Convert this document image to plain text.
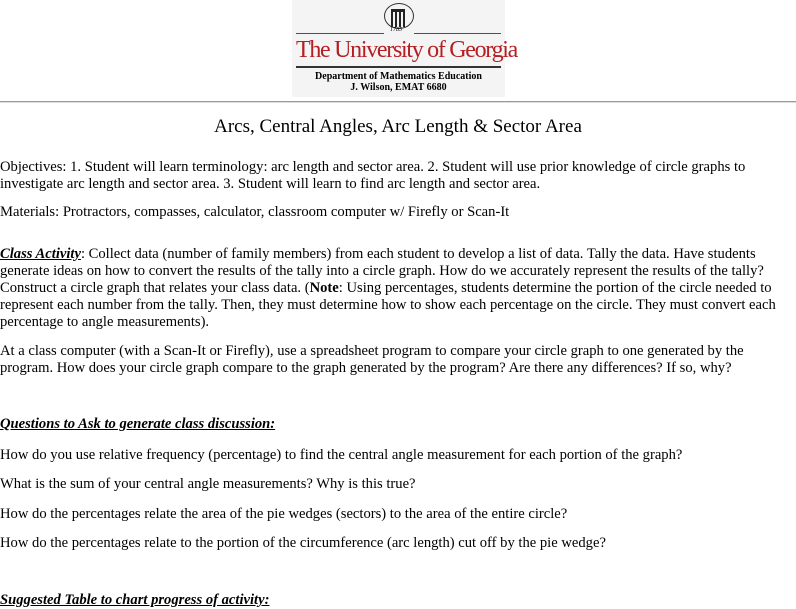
1785
The University of Georgia
Department of Mathematics Education
J. Wilson, EMAT 6680
Arcs, Central Angles, Arc Length & Sector Area

Objectives: 1. Student will learn terminology: arc length and sector area. 2. Student will use prior knowledge of circle graphs to investigate arc length and sector area. 3. Student will learn to find arc length and sector area.

Materials: Protractors, compasses, calculator, classroom computer w/ Firefly or Scan-It

Class Activity: Collect data (number of family members) from each student to develop a list of data. Tally the data. Have students generate ideas on how to convert the results of the tally into a circle graph. How do we accurately represent the results of the tally? Construct a circle graph that relates your class data. (Note: Using percentages, students determine the portion of the circle needed to represent each number from the tally. Then, they must determine how to show each percentage on the circle. They must convert each percentage to angle measurements).

At a class computer (with a Scan-It or Firefly), use a spreadsheet program to compare your circle graph to one generated by the program. How does your circle graph compare to the graph generated by the program? Are there any differences? If so, why?

Questions to Ask to generate class discussion:

How do you use relative frequency (percentage) to find the central angle measurement for each portion of the graph?

What is the sum of your central angle measurements? Why is this true?

How do the percentages relate the area of the pie wedges (sectors) to the area of the entire circle?

How do the percentages relate to the portion of the circumference (arc length) cut off by the pie wedge?

Suggested Table to chart progress of activity:
